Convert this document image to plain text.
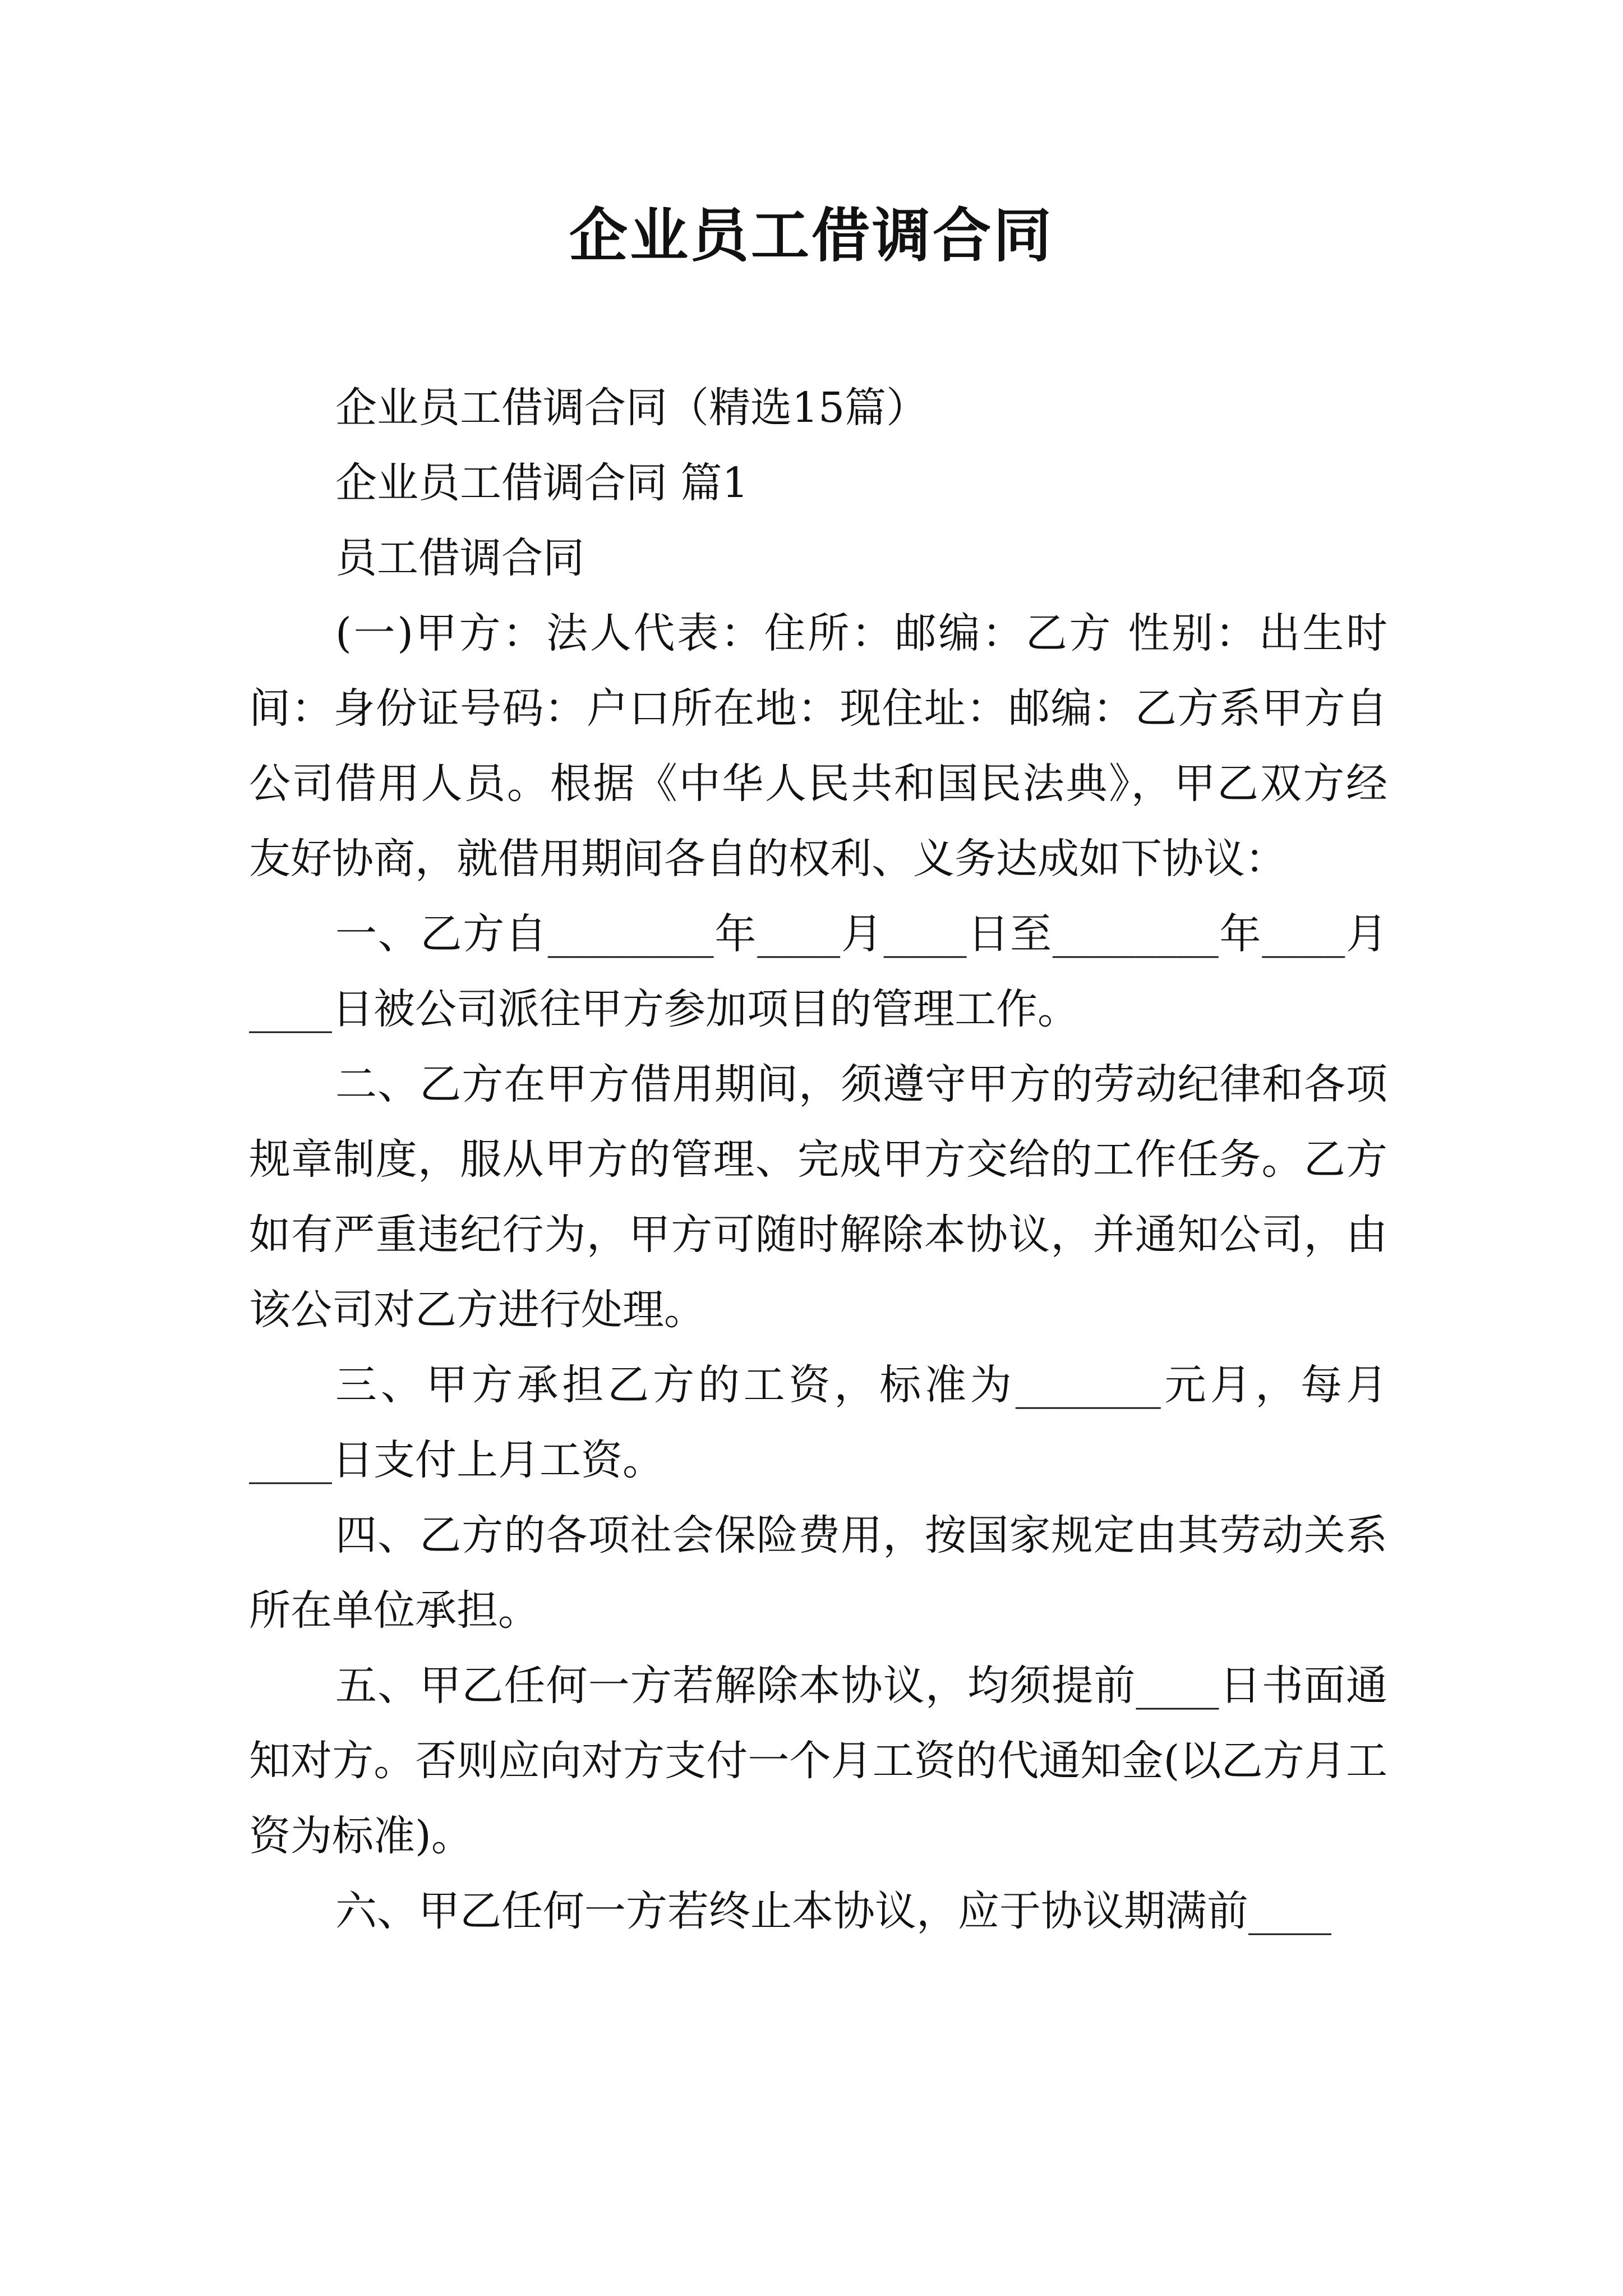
企业员工借调合同

企业员工借调合同（精选15篇）

企业员工借调合同 篇1

员工借调合同

(一)甲方：法人代表：住所：邮编：乙方 性别：出生时间：身份证号码：户口所在地：现住址：邮编：乙方系甲方自公司借用人员。根据《中华人民共和国民法典》，甲乙双方经友好协商，就借用期间各自的权利、义务达成如下协议：

一、乙方自________年____月____日至________年____月____日被公司派往甲方参加项目的管理工作。

二、乙方在甲方借用期间，须遵守甲方的劳动纪律和各项规章制度，服从甲方的管理、完成甲方交给的工作任务。乙方如有严重违纪行为，甲方可随时解除本协议，并通知公司，由该公司对乙方进行处理。

三、甲方承担乙方的工资，标准为_______元月，每月____日支付上月工资。

四、乙方的各项社会保险费用，按国家规定由其劳动关系所在单位承担。

五、甲乙任何一方若解除本协议，均须提前____日书面通知对方。否则应向对方支付一个月工资的代通知金(以乙方月工资为标准)。

六、甲乙任何一方若终止本协议，应于协议期满前____
